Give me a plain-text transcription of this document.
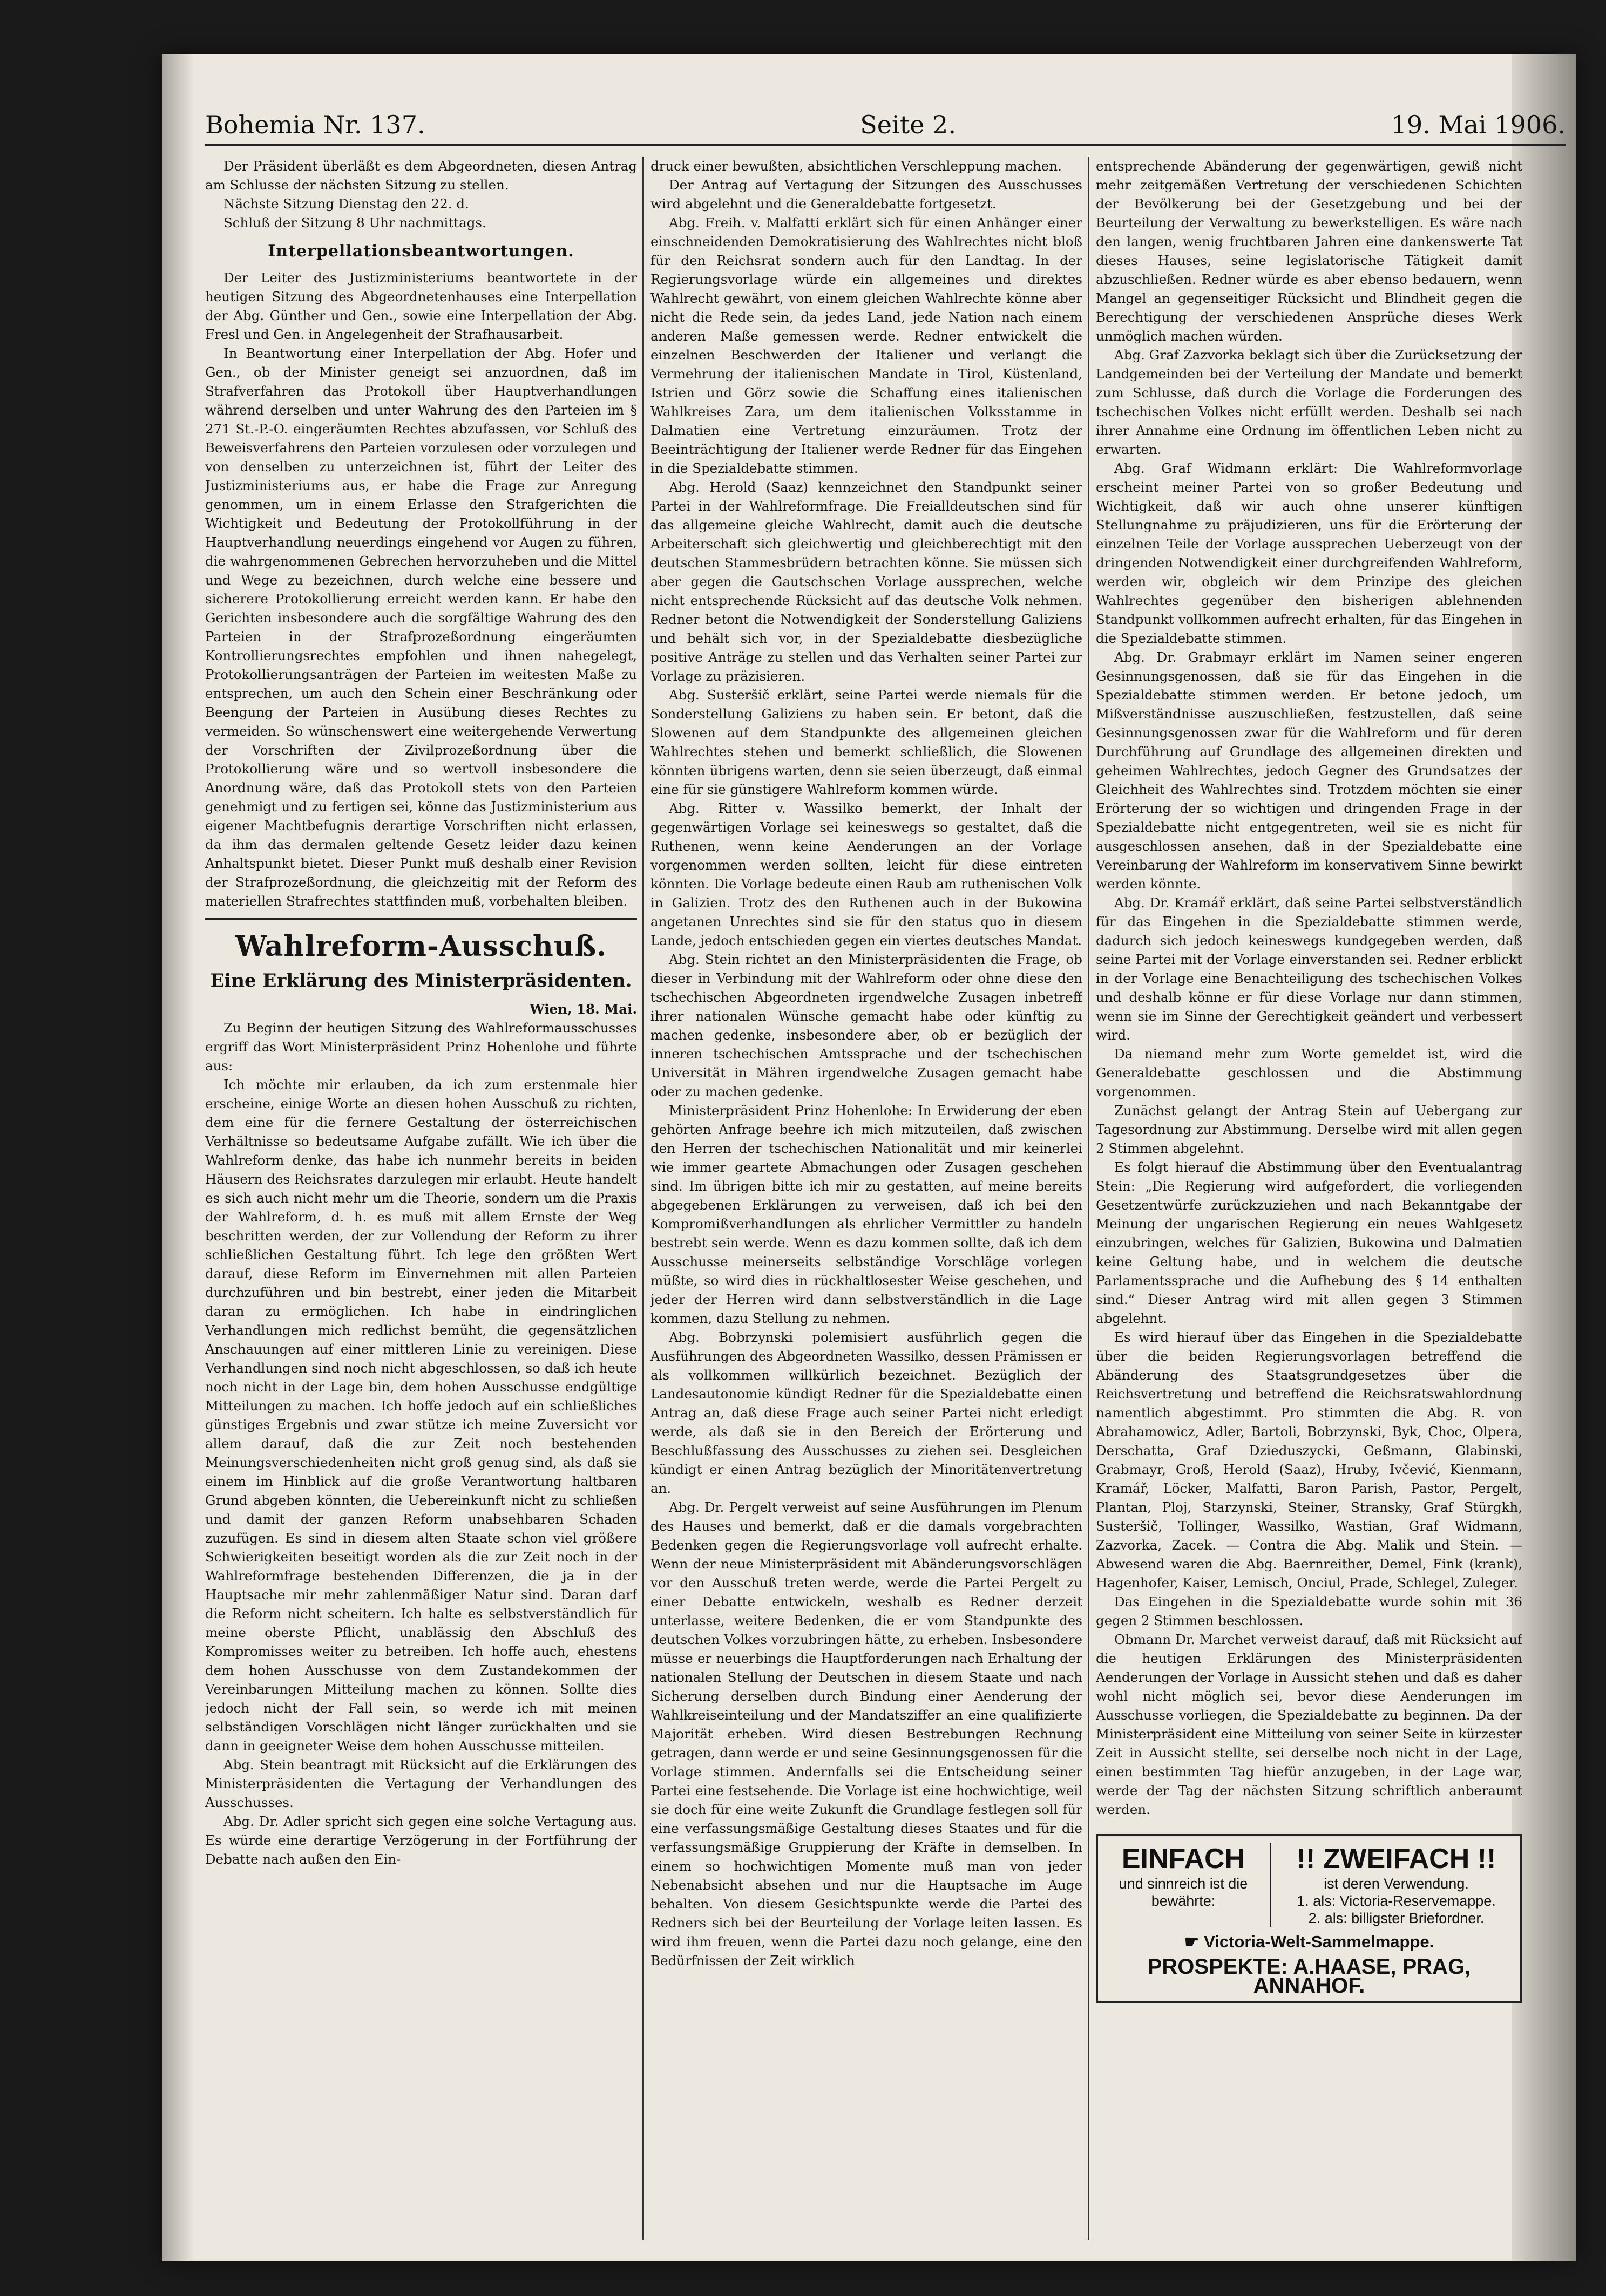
Bohemia Nr. 137.	Seite 2.	19. Mai 1906.

Der Präsident überläßt es dem Abgeordneten, diesen Antrag am Schlusse der nächsten Sitzung zu stellen.

Nächste Sitzung Dienstag den 22. d.

Schluß der Sitzung 8 Uhr nachmittags.

Interpellationsbeantwortungen.

Der Leiter des Justizministeriums beantwortete in der heutigen Sitzung des Abgeordnetenhauses eine Interpellation der Abg. Günther und Gen., sowie eine Interpellation der Abg. Fresl und Gen. in Angelegenheit der Strafhausarbeit.

In Beantwortung einer Interpellation der Abg. Hofer und Gen., ob der Minister geneigt sei anzuordnen, daß im Strafverfahren das Protokoll über Hauptverhandlungen während derselben und unter Wahrung des den Parteien im § 271 St.-P.-O. eingeräumten Rechtes abzufassen, vor Schluß des Beweisverfahrens den Parteien vorzulesen oder vorzulegen und von denselben zu unterzeichnen ist, führt der Leiter des Justizministeriums aus, er habe die Frage zur Anregung genommen, um in einem Erlasse den Strafgerichten die Wichtigkeit und Bedeutung der Protokollführung in der Hauptverhandlung neuerdings eingehend vor Augen zu führen, die wahrgenommenen Gebrechen hervorzuheben und die Mittel und Wege zu bezeichnen, durch welche eine bessere und sicherere Protokollierung erreicht werden kann. Er habe den Gerichten insbesondere auch die sorgfältige Wahrung des den Parteien in der Strafprozeßordnung eingeräumten Kontrollierungsrechtes empfohlen und ihnen nahegelegt, Protokollierungsanträgen der Parteien im weitesten Maße zu entsprechen, um auch den Schein einer Beschränkung oder Beengung der Parteien in Ausübung dieses Rechtes zu vermeiden. So wünschenswert eine weitergehende Verwertung der Vorschriften der Zivilprozeßordnung über die Protokollierung wäre und so wertvoll insbesondere die Anordnung wäre, daß das Protokoll stets von den Parteien genehmigt und zu fertigen sei, könne das Justizministerium aus eigener Machtbefugnis derartige Vorschriften nicht erlassen, da ihm das dermalen geltende Gesetz leider dazu keinen Anhaltspunkt bietet. Dieser Punkt muß deshalb einer Revision der Strafprozeßordnung, die gleichzeitig mit der Reform des materiellen Strafrechtes stattfinden muß, vorbehalten bleiben.

Wahlreform-Ausschuß.
Eine Erklärung des Ministerpräsidenten.

Wien, 18. Mai.

Zu Beginn der heutigen Sitzung des Wahlreformausschusses ergriff das Wort Ministerpräsident Prinz Hohenlohe und führte aus:

Ich möchte mir erlauben, da ich zum erstenmale hier erscheine, einige Worte an diesen hohen Ausschuß zu richten, dem eine für die fernere Gestaltung der österreichischen Verhältnisse so bedeutsame Aufgabe zufällt. Wie ich über die Wahlreform denke, das habe ich nunmehr bereits in beiden Häusern des Reichsrates darzulegen mir erlaubt. Heute handelt es sich auch nicht mehr um die Theorie, sondern um die Praxis der Wahlreform, d. h. es muß mit allem Ernste der Weg beschritten werden, der zur Vollendung der Reform zu ihrer schließlichen Gestaltung führt. Ich lege den größten Wert darauf, diese Reform im Einvernehmen mit allen Parteien durchzuführen und bin bestrebt, einer jeden die Mitarbeit daran zu ermöglichen. Ich habe in eindringlichen Verhandlungen mich redlichst bemüht, die gegensätzlichen Anschauungen auf einer mittleren Linie zu vereinigen. Diese Verhandlungen sind noch nicht abgeschlossen, so daß ich heute noch nicht in der Lage bin, dem hohen Ausschusse endgültige Mitteilungen zu machen. Ich hoffe jedoch auf ein schließliches günstiges Ergebnis und zwar stütze ich meine Zuversicht vor allem darauf, daß die zur Zeit noch bestehenden Meinungsverschiedenheiten nicht groß genug sind, als daß sie einem im Hinblick auf die große Verantwortung haltbaren Grund abgeben könnten, die Uebereinkunft nicht zu schließen und damit der ganzen Reform unabsehbaren Schaden zuzufügen. Es sind in diesem alten Staate schon viel größere Schwierigkeiten beseitigt worden als die zur Zeit noch in der Wahlreformfrage bestehenden Differenzen, die ja in der Hauptsache mir mehr zahlenmäßiger Natur sind. Daran darf die Reform nicht scheitern. Ich halte es selbstverständlich für meine oberste Pflicht, unablässig den Abschluß des Kompromisses weiter zu betreiben. Ich hoffe auch, ehestens dem hohen Ausschusse von dem Zustandekommen der Vereinbarungen Mitteilung machen zu können. Sollte dies jedoch nicht der Fall sein, so werde ich mit meinen selbständigen Vorschlägen nicht länger zurückhalten und sie dann in geeigneter Weise dem hohen Ausschusse mitteilen.

Abg. Stein beantragt mit Rücksicht auf die Erklärungen des Ministerpräsidenten die Vertagung der Verhandlungen des Ausschusses.

Abg. Dr. Adler spricht sich gegen eine solche Vertagung aus. Es würde eine derartige Verzögerung in der Fortführung der Debatte nach außen den Ein-

druck einer bewußten, absichtlichen Verschleppung machen.

Der Antrag auf Vertagung der Sitzungen des Ausschusses wird abgelehnt und die Generaldebatte fortgesetzt.

Abg. Freih. v. Malfatti erklärt sich für einen Anhänger einer einschneidenden Demokratisierung des Wahlrechtes nicht bloß für den Reichsrat sondern auch für den Landtag. In der Regierungsvorlage würde ein allgemeines und direktes Wahlrecht gewährt, von einem gleichen Wahlrechte könne aber nicht die Rede sein, da jedes Land, jede Nation nach einem anderen Maße gemessen werde. Redner entwickelt die einzelnen Beschwerden der Italiener und verlangt die Vermehrung der italienischen Mandate in Tirol, Küstenland, Istrien und Görz sowie die Schaffung eines italienischen Wahlkreises Zara, um dem italienischen Volksstamme in Dalmatien eine Vertretung einzuräumen. Trotz der Beeinträchtigung der Italiener werde Redner für das Eingehen in die Spezialdebatte stimmen.

Abg. Herold (Saaz) kennzeichnet den Standpunkt seiner Partei in der Wahlreformfrage. Die Freialldeutschen sind für das allgemeine gleiche Wahlrecht, damit auch die deutsche Arbeiterschaft sich gleichwertig und gleichberechtigt mit den deutschen Stammesbrüdern betrachten könne. Sie müssen sich aber gegen die Gautschschen Vorlage aussprechen, welche nicht entsprechende Rücksicht auf das deutsche Volk nehmen. Redner betont die Notwendigkeit der Sonderstellung Galiziens und behält sich vor, in der Spezialdebatte diesbezügliche positive Anträge zu stellen und das Verhalten seiner Partei zur Vorlage zu präzisieren.

Abg. Susteršič erklärt, seine Partei werde niemals für die Sonderstellung Galiziens zu haben sein. Er betont, daß die Slowenen auf dem Standpunkte des allgemeinen gleichen Wahlrechtes stehen und bemerkt schließlich, die Slowenen könnten übrigens warten, denn sie seien überzeugt, daß einmal eine für sie günstigere Wahlreform kommen würde.

Abg. Ritter v. Wassilko bemerkt, der Inhalt der gegenwärtigen Vorlage sei keineswegs so gestaltet, daß die Ruthenen, wenn keine Aenderungen an der Vorlage vorgenommen werden sollten, leicht für diese eintreten könnten. Die Vorlage bedeute einen Raub am ruthenischen Volk in Galizien. Trotz des den Ruthenen auch in der Bukowina angetanen Unrechtes sind sie für den status quo in diesem Lande, jedoch entschieden gegen ein viertes deutsches Mandat.

Abg. Stein richtet an den Ministerpräsidenten die Frage, ob dieser in Verbindung mit der Wahlreform oder ohne diese den tschechischen Abgeordneten irgendwelche Zusagen inbetreff ihrer nationalen Wünsche gemacht habe oder künftig zu machen gedenke, insbesondere aber, ob er bezüglich der inneren tschechischen Amtssprache und der tschechischen Universität in Mähren irgendwelche Zusagen gemacht habe oder zu machen gedenke.

Ministerpräsident Prinz Hohenlohe: In Erwiderung der eben gehörten Anfrage beehre ich mich mitzuteilen, daß zwischen den Herren der tschechischen Nationalität und mir keinerlei wie immer geartete Abmachungen oder Zusagen geschehen sind. Im übrigen bitte ich mir zu gestatten, auf meine bereits abgegebenen Erklärungen zu verweisen, daß ich bei den Kompromißverhandlungen als ehrlicher Vermittler zu handeln bestrebt sein werde. Wenn es dazu kommen sollte, daß ich dem Ausschusse meinerseits selbständige Vorschläge vorlegen müßte, so wird dies in rückhaltlosester Weise geschehen, und jeder der Herren wird dann selbstverständlich in die Lage kommen, dazu Stellung zu nehmen.

Abg. Bobrzynski polemisiert ausführlich gegen die Ausführungen des Abgeordneten Wassilko, dessen Prämissen er als vollkommen willkürlich bezeichnet. Bezüglich der Landesautonomie kündigt Redner für die Spezialdebatte einen Antrag an, daß diese Frage auch seiner Partei nicht erledigt werde, als daß sie in den Bereich der Erörterung und Beschlußfassung des Ausschusses zu ziehen sei. Desgleichen kündigt er einen Antrag bezüglich der Minoritätenvertretung an.

Abg. Dr. Pergelt verweist auf seine Ausführungen im Plenum des Hauses und bemerkt, daß er die damals vorgebrachten Bedenken gegen die Regierungsvorlage voll aufrecht erhalte. Wenn der neue Ministerpräsident mit Abänderungsvorschlägen vor den Ausschuß treten werde, werde die Partei Pergelt zu einer Debatte entwickeln, weshalb es Redner derzeit unterlasse, weitere Bedenken, die er vom Standpunkte des deutschen Volkes vorzubringen hätte, zu erheben. Insbesondere müsse er neuerbings die Hauptforderungen nach Erhaltung der nationalen Stellung der Deutschen in diesem Staate und nach Sicherung derselben durch Bindung einer Aenderung der Wahlkreiseinteilung und der Mandatsziffer an eine qualifizierte Majorität erheben. Wird diesen Bestrebungen Rechnung getragen, dann werde er und seine Gesinnungsgenossen für die Vorlage stimmen. Andernfalls sei die Entscheidung seiner Partei eine festsehende. Die Vorlage ist eine hochwichtige, weil sie doch für eine weite Zukunft die Grundlage festlegen soll für eine verfassungsmäßige Gestaltung dieses Staates und für die verfassungsmäßige Gruppierung der Kräfte in demselben. In einem so hochwichtigen Momente muß man von jeder Nebenabsicht absehen und nur die Hauptsache im Auge behalten. Von diesem Gesichtspunkte werde die Partei des Redners sich bei der Beurteilung der Vorlage leiten lassen. Es wird ihm freuen, wenn die Partei dazu noch gelange, eine den Bedürfnissen der Zeit wirklich

entsprechende Abänderung der gegenwärtigen, gewiß nicht mehr zeitgemäßen Vertretung der verschiedenen Schichten der Bevölkerung bei der Gesetzgebung und bei der Beurteilung der Verwaltung zu bewerkstelligen. Es wäre nach den langen, wenig fruchtbaren Jahren eine dankenswerte Tat dieses Hauses, seine legislatorische Tätigkeit damit abzuschließen. Redner würde es aber ebenso bedauern, wenn Mangel an gegenseitiger Rücksicht und Blindheit gegen die Berechtigung der verschiedenen Ansprüche dieses Werk unmöglich machen würden.

Abg. Graf Zazvorka beklagt sich über die Zurücksetzung der Landgemeinden bei der Verteilung der Mandate und bemerkt zum Schlusse, daß durch die Vorlage die Forderungen des tschechischen Volkes nicht erfüllt werden. Deshalb sei nach ihrer Annahme eine Ordnung im öffentlichen Leben nicht zu erwarten.

Abg. Graf Widmann erklärt: Die Wahlreformvorlage erscheint meiner Partei von so großer Bedeutung und Wichtigkeit, daß wir auch ohne unserer künftigen Stellungnahme zu präjudizieren, uns für die Erörterung der einzelnen Teile der Vorlage aussprechen Ueberzeugt von der dringenden Notwendigkeit einer durchgreifenden Wahlreform, werden wir, obgleich wir dem Prinzipe des gleichen Wahlrechtes gegenüber den bisherigen ablehnenden Standpunkt vollkommen aufrecht erhalten, für das Eingehen in die Spezialdebatte stimmen.

Abg. Dr. Grabmayr erklärt im Namen seiner engeren Gesinnungsgenossen, daß sie für das Eingehen in die Spezialdebatte stimmen werden. Er betone jedoch, um Mißverständnisse auszuschließen, festzustellen, daß seine Gesinnungsgenossen zwar für die Wahlreform und für deren Durchführung auf Grundlage des allgemeinen direkten und geheimen Wahlrechtes, jedoch Gegner des Grundsatzes der Gleichheit des Wahlrechtes sind. Trotzdem möchten sie einer Erörterung der so wichtigen und dringenden Frage in der Spezialdebatte nicht entgegentreten, weil sie es nicht für ausgeschlossen ansehen, daß in der Spezialdebatte eine Vereinbarung der Wahlreform im konservativem Sinne bewirkt werden könnte.

Abg. Dr. Kramář erklärt, daß seine Partei selbstverständlich für das Eingehen in die Spezialdebatte stimmen werde, dadurch sich jedoch keineswegs kundgegeben werden, daß seine Partei mit der Vorlage einverstanden sei. Redner erblickt in der Vorlage eine Benachteiligung des tschechischen Volkes und deshalb könne er für diese Vorlage nur dann stimmen, wenn sie im Sinne der Gerechtigkeit geändert und verbessert wird.

Da niemand mehr zum Worte gemeldet ist, wird die Generaldebatte geschlossen und die Abstimmung vorgenommen.

Zunächst gelangt der Antrag Stein auf Uebergang zur Tagesordnung zur Abstimmung. Derselbe wird mit allen gegen 2 Stimmen abgelehnt.

Es folgt hierauf die Abstimmung über den Eventualantrag Stein: „Die Regierung wird aufgefordert, die vorliegenden Gesetzentwürfe zurückzuziehen und nach Bekanntgabe der Meinung der ungarischen Regierung ein neues Wahlgesetz einzubringen, welches für Galizien, Bukowina und Dalmatien keine Geltung habe, und in welchem die deutsche Parlamentssprache und die Aufhebung des § 14 enthalten sind.“ Dieser Antrag wird mit allen gegen 3 Stimmen abgelehnt.

Es wird hierauf über das Eingehen in die Spezialdebatte über die beiden Regierungsvorlagen betreffend die Abänderung des Staatsgrundgesetzes über die Reichsvertretung und betreffend die Reichsratswahlordnung namentlich abgestimmt. Pro stimmten die Abg. R. von Abrahamowicz, Adler, Bartoli, Bobrzynski, Byk, Choc, Olpera, Derschatta, Graf Dzieduszycki, Geßmann, Glabinski, Grabmayr, Groß, Herold (Saaz), Hruby, Ivčević, Kienmann, Kramář, Löcker, Malfatti, Baron Parish, Pastor, Pergelt, Plantan, Ploj, Starzynski, Steiner, Stransky, Graf Stürgkh, Susteršič, Tollinger, Wassilko, Wastian, Graf Widmann, Zazvorka, Zacek. — Contra die Abg. Malik und Stein. — Abwesend waren die Abg. Baernreither, Demel, Fink (krank), Hagenhofer, Kaiser, Lemisch, Onciul, Prade, Schlegel, Zuleger.

Das Eingehen in die Spezialdebatte wurde sohin mit 36 gegen 2 Stimmen beschlossen.

Obmann Dr. Marchet verweist darauf, daß mit Rücksicht auf die heutigen Erklärungen des Ministerpräsidenten Aenderungen der Vorlage in Aussicht stehen und daß es daher wohl nicht möglich sei, bevor diese Aenderungen im Ausschusse vorliegen, die Spezialdebatte zu beginnen. Da der Ministerpräsident eine Mitteilung von seiner Seite in kürzester Zeit in Aussicht stellte, sei derselbe noch nicht in der Lage, einen bestimmten Tag hiefür anzugeben, in der Lage war, werde der Tag der nächsten Sitzung schriftlich anberaumt werden.

EINFACH
und sinnreich ist die bewährte:
!! ZWEIFACH !!
ist deren Verwendung.
1. als: Victoria-Reservemappe.
2. als: billigster Briefordner.
☛ Victoria-Welt-Sammelmappe.
PROSPEKTE: A.HAASE, PRAG, ANNAHOF.
